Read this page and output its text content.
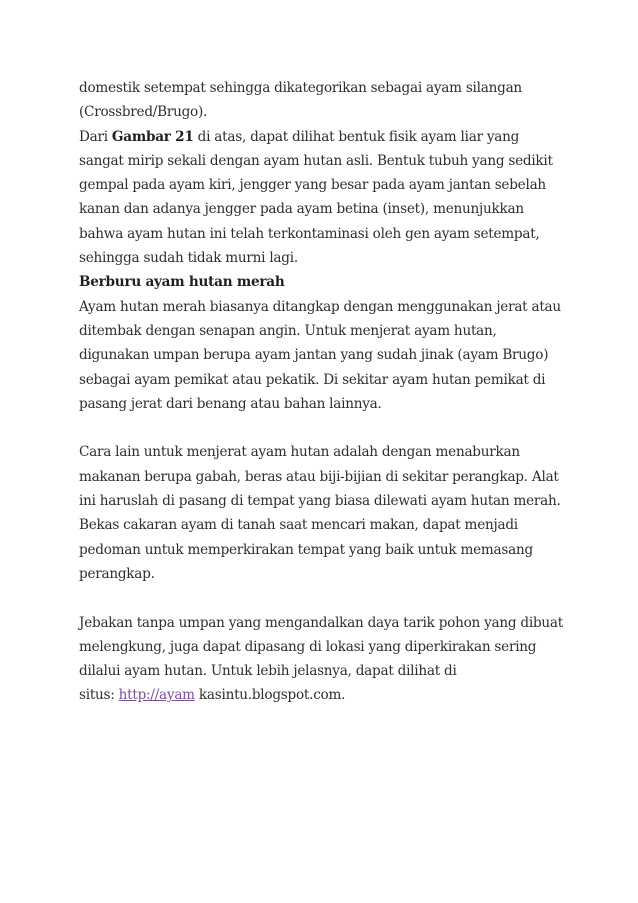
domestik setempat sehingga dikategorikan sebagai ayam silangan
(Crossbred/Brugo).
Dari Gambar 21 di atas, dapat dilihat bentuk fisik ayam liar yang
sangat mirip sekali dengan ayam hutan asli. Bentuk tubuh yang sedikit
gempal pada ayam kiri, jengger yang besar pada ayam jantan sebelah
kanan dan adanya jengger pada ayam betina (inset), menunjukkan
bahwa ayam hutan ini telah terkontaminasi oleh gen ayam setempat,
sehingga sudah tidak murni lagi.
Berburu ayam hutan merah
Ayam hutan merah biasanya ditangkap dengan menggunakan jerat atau
ditembak dengan senapan angin. Untuk menjerat ayam hutan,
digunakan umpan berupa ayam jantan yang sudah jinak (ayam Brugo)
sebagai ayam pemikat atau pekatik. Di sekitar ayam hutan pemikat di
pasang jerat dari benang atau bahan lainnya.
Cara lain untuk menjerat ayam hutan adalah dengan menaburkan
makanan berupa gabah, beras atau biji-bijian di sekitar perangkap. Alat
ini haruslah di pasang di tempat yang biasa dilewati ayam hutan merah.
Bekas cakaran ayam di tanah saat mencari makan, dapat menjadi
pedoman untuk memperkirakan tempat yang baik untuk memasang
perangkap.
Jebakan tanpa umpan yang mengandalkan daya tarik pohon yang dibuat
melengkung, juga dapat dipasang di lokasi yang diperkirakan sering
dilalui ayam hutan. Untuk lebih jelasnya, dapat dilihat di
situs: http://ayam kasintu.blogspot.com.
